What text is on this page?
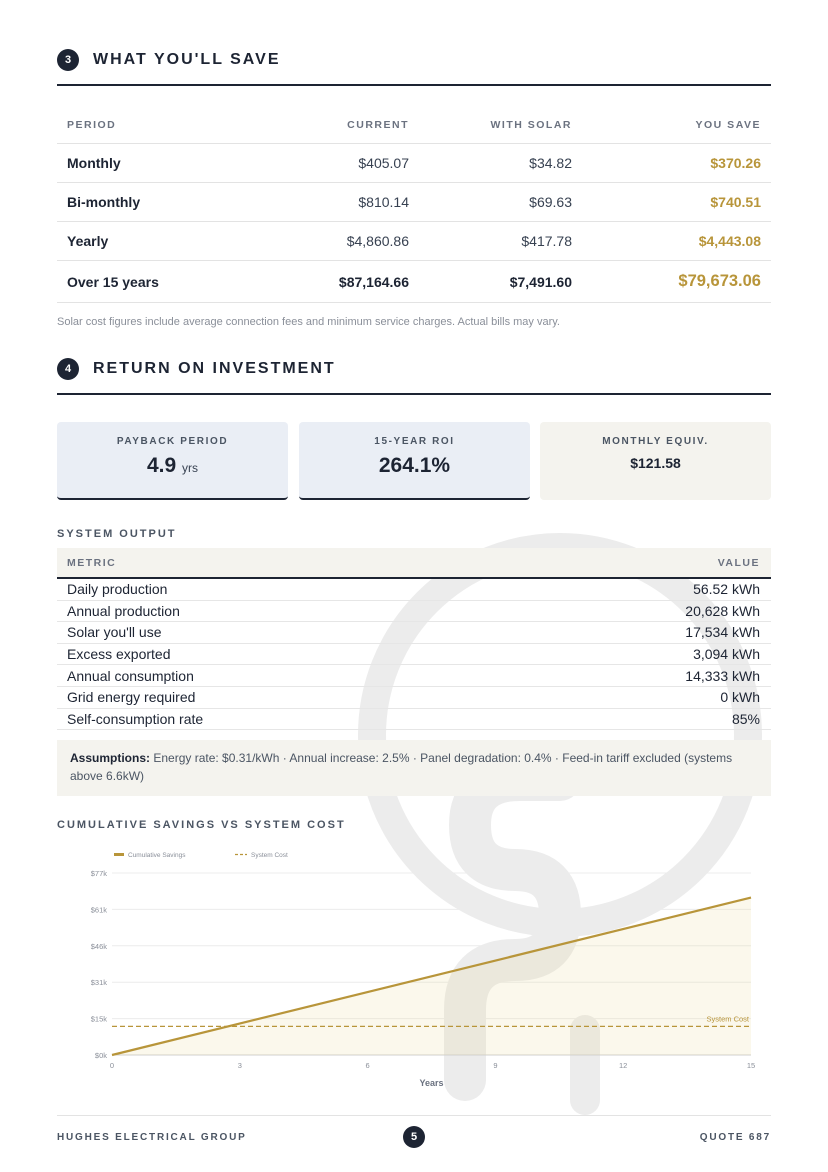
3	WHAT YOU'LL SAVE
PERIOD	CURRENT	WITH SOLAR	YOU SAVE
Monthly	$405.07	$34.82	$370.26
Bi-monthly	$810.14	$69.63	$740.51
Yearly	$4,860.86	$417.78	$4,443.08
Over 15 years	$87,164.66	$7,491.60	$79,673.06
Solar cost figures include average connection fees and minimum service charges. Actual bills may vary.
4	RETURN ON INVESTMENT
PAYBACK PERIOD
4.9 yrs
15-YEAR ROI
264.1%
MONTHLY EQUIV.
$121.58
SYSTEM OUTPUT
METRIC	VALUE
Daily production	56.52 kWh
Annual production	20,628 kWh
Solar you'll use	17,534 kWh
Excess exported	3,094 kWh
Annual consumption	14,333 kWh
Grid energy required	0 kWh
Self-consumption rate	85%
Assumptions: Energy rate: $0.31/kWh · Annual increase: 2.5% · Panel degradation: 0.4% · Feed-in tariff excluded (systems above 6.6kW)
CUMULATIVE SAVINGS VS SYSTEM COST
$0k
$15k
$31k
$46k
$61k
$77k
0	3	6	9	12	15
Years
System Cost
Cumulative Savings	System Cost
HUGHES ELECTRICAL GROUP	5	QUOTE 687
